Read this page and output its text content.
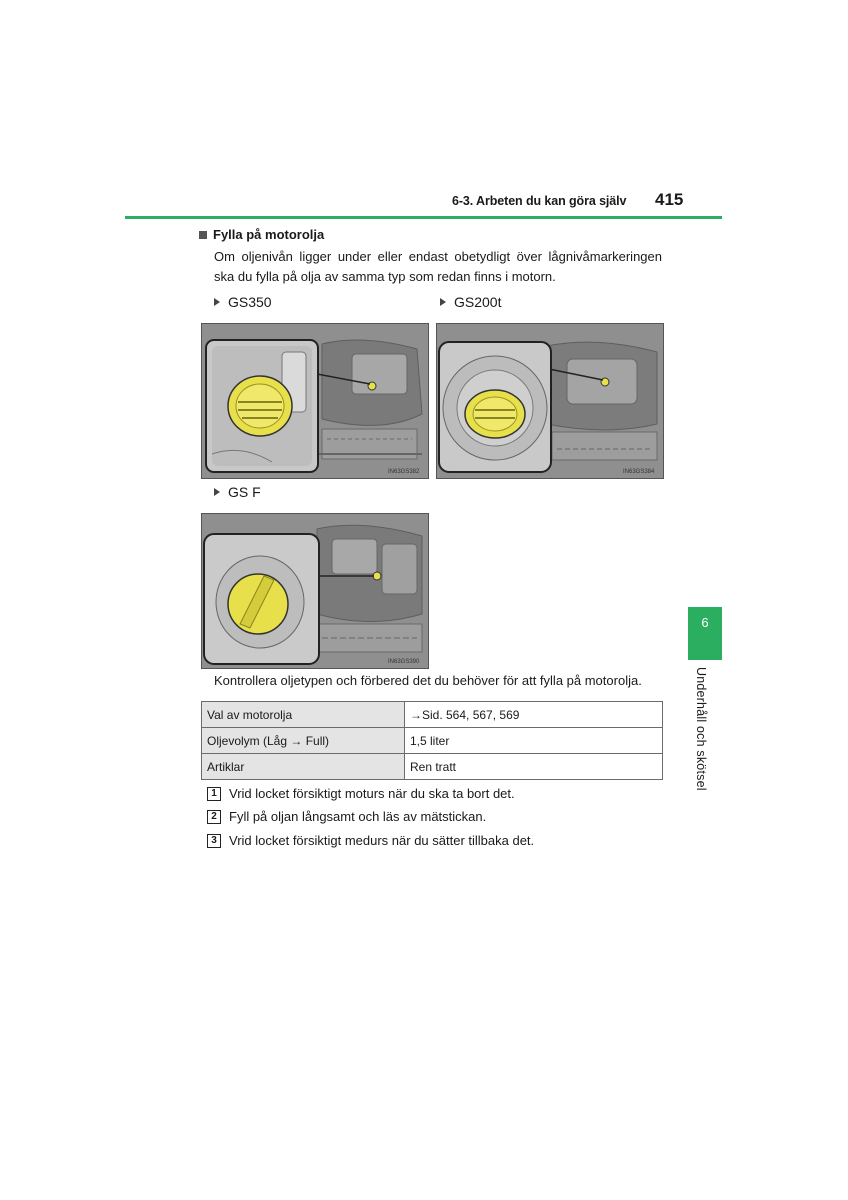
6-3. Arbeten du kan göra själv 415
Fylla på motorolja
Om oljenivån ligger under eller endast obetydligt över lågnivåmarkeringen ska du fylla på olja av samma typ som redan finns i motorn.
GS350	GS200t
GS F
IN63GS382	IN63GS384
IN63GS390
Kontrollera oljetypen och förbered det du behöver för att fylla på motorolja.
Val av motorolja	→Sid. 564, 567, 569
Oljevolym (Låg → Full)	1,5 liter
Artiklar	Ren tratt
1 Vrid locket försiktigt moturs när du ska ta bort det.
2 Fyll på oljan långsamt och läs av mätstickan.
3 Vrid locket försiktigt medurs när du sätter tillbaka det.
6
Underhåll och skötsel
